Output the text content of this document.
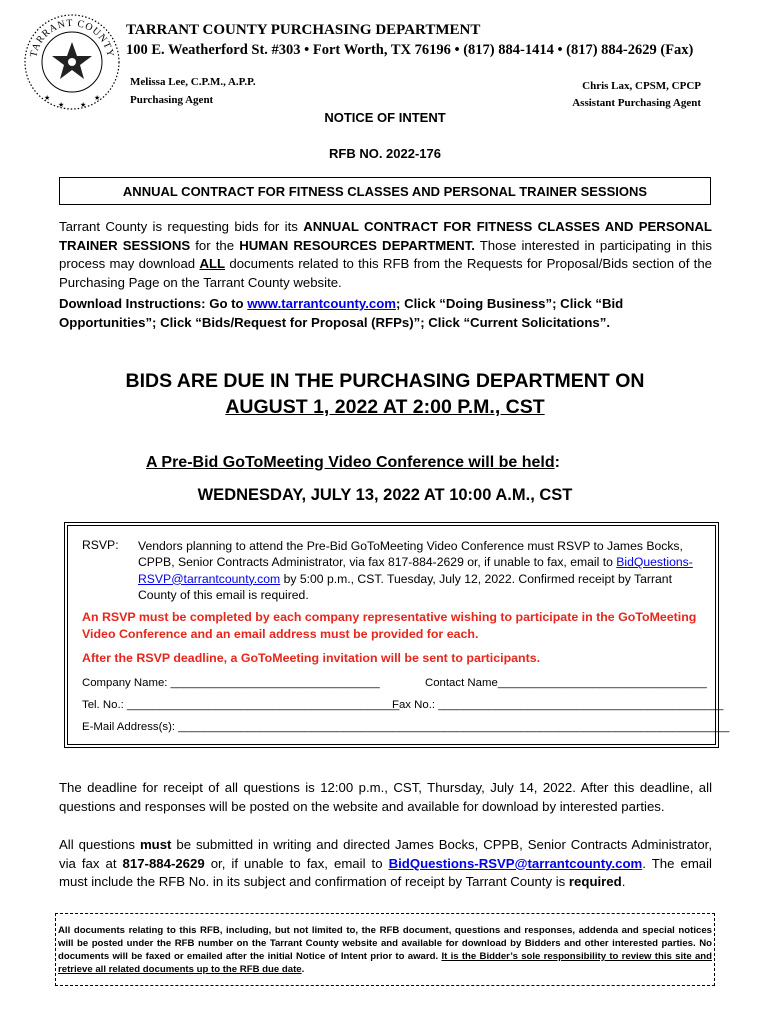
TARRANT COUNTY
★
★ ★
★
TARRANT COUNTY PURCHASING DEPARTMENT
100 E. Weatherford St. #303 • Fort Worth, TX 76196 • (817) 884-1414 • (817) 884-2629 (Fax)
Melissa Lee, C.P.M., A.P.P.
Purchasing Agent
Chris Lax, CPSM, CPCP
Assistant Purchasing Agent
NOTICE OF INTENT
RFB NO. 2022-176
ANNUAL CONTRACT FOR FITNESS CLASSES AND PERSONAL TRAINER SESSIONS
Tarrant County is requesting bids for its ANNUAL CONTRACT FOR FITNESS CLASSES AND PERSONAL TRAINER SESSIONS for the HUMAN RESOURCES DEPARTMENT. Those interested in participating in this process may download ALL documents related to this RFB from the Requests for Proposal/Bids section of the Purchasing Page on the Tarrant County website.
Download Instructions: Go to www.tarrantcounty.com; Click “Doing Business”; Click “Bid Opportunities”; Click “Bids/Request for Proposal (RFPs)”; Click “Current Solicitations”.
BIDS ARE DUE IN THE PURCHASING DEPARTMENT ON
AUGUST 1, 2022 AT 2:00 P.M., CST
A Pre-Bid GoToMeeting Video Conference will be held:
WEDNESDAY, JULY 13, 2022 AT 10:00 A.M., CST
RSVP: Vendors planning to attend the Pre-Bid GoToMeeting Video Conference must RSVP to James Bocks, CPPB, Senior Contracts Administrator, via fax 817-884-2629 or, if unable to fax, email to BidQuestions-RSVP@tarrantcounty.com by 5:00 p.m., CST. Tuesday, July 12, 2022. Confirmed receipt by Tarrant County of this email is required.
An RSVP must be completed by each company representative wishing to participate in the GoToMeeting Video Conference and an email address must be provided for each.
After the RSVP deadline, a GoToMeeting invitation will be sent to participants.
Company Name: _________________________________	Contact Name_________________________________
Tel. No.: ___________________________________________
Fax No.: _____________________________________________
E-Mail Address(s): _______________________________________________________________________________________
The deadline for receipt of all questions is 12:00 p.m., CST, Thursday, July 14, 2022. After this deadline, all questions and responses will be posted on the website and available for download by interested parties.
All questions must be submitted in writing and directed James Bocks, CPPB, Senior Contracts Administrator, via fax at 817-884-2629 or, if unable to fax, email to BidQuestions-RSVP@tarrantcounty.com. The email must include the RFB No. in its subject and confirmation of receipt by Tarrant County is required.
All documents relating to this RFB, including, but not limited to, the RFB document, questions and responses, addenda and special notices will be posted under the RFB number on the Tarrant County website and available for download by Bidders and other interested parties. No documents will be faxed or emailed after the initial Notice of Intent prior to award. It is the Bidder’s sole responsibility to review this site and retrieve all related documents up to the RFB due date.
